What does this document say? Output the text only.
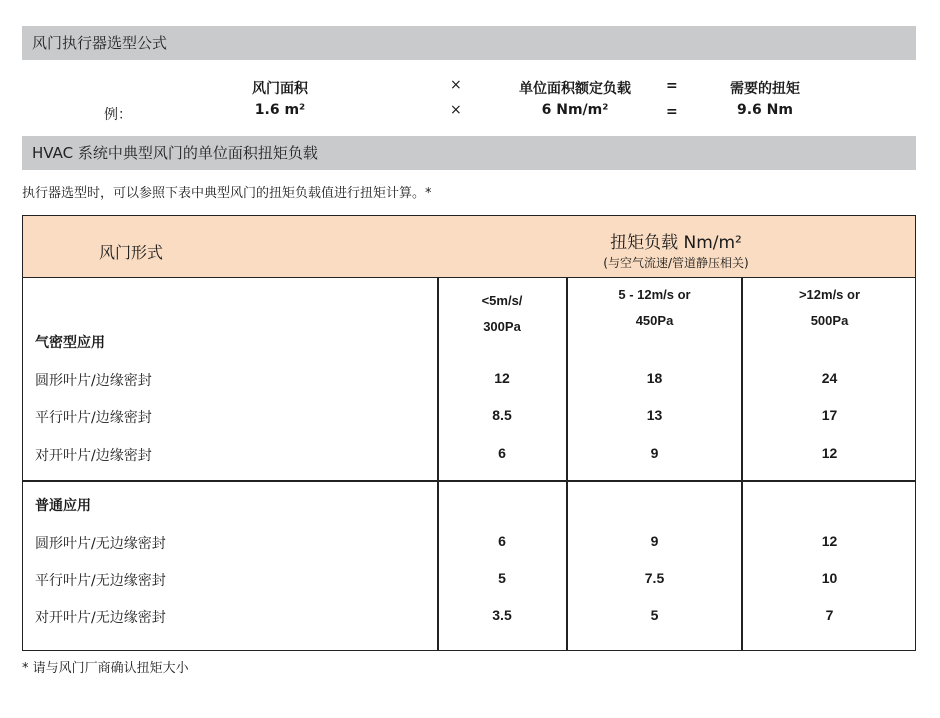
风门执行器选型公式
风门面积	×	单位面积额定负载	=	需要的扭矩
例：	1.6 m²	×	6 Nm/m²	=	9.6 Nm
HVAC 系统中典型风门的单位面积扭矩负载
执行器选型时，可以参照下表中典型风门的扭矩负载值进行扭矩计算。*
风门形式	扭矩负载 Nm/m²
(与空气流速/管道静压相关)
<5m/s/
300Pa
5 - 12m/s or
450Pa
>12m/s or
500Pa
气密型应用
圆形叶片/边缘密封	12	18	24
平行叶片/边缘密封	8.5	13	17
对开叶片/边缘密封	6	9	12
普通应用
圆形叶片/无边缘密封	6	9	12
平行叶片/无边缘密封	5	7.5	10
对开叶片/无边缘密封	3.5	5	7
* 请与风门厂商确认扭矩大小
